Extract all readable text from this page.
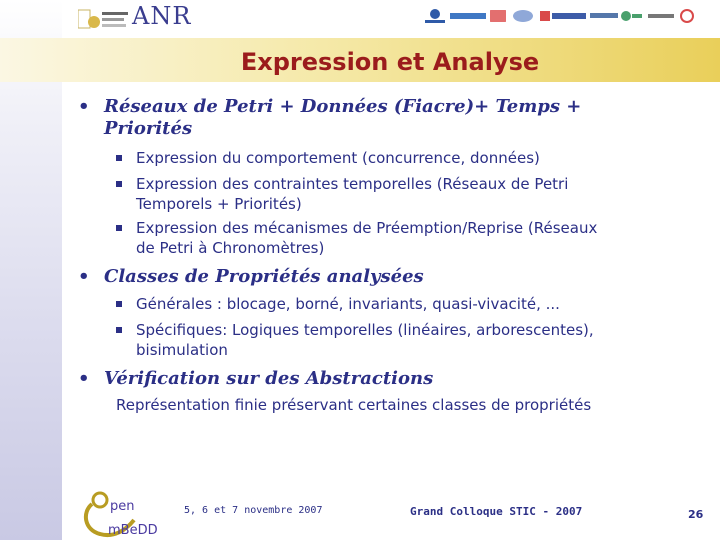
ANR
Expression et Analyse
• Réseaux de Petri + Données (Fiacre)+ Temps +
Priorités
Expression du comportement (concurrence, données)
Expression des contraintes temporelles (Réseaux de Petri
Temporels + Priorités)
Expression des mécanismes de Préemption/Reprise (Réseaux
de Petri à Chronomètres)
• Classes de Propriétés analysées
Générales : blocage, borné, invariants, quasi-vivacité, ...
Spécifiques: Logiques temporelles (linéaires, arborescentes),
bisimulation
• Vérification sur des Abstractions
Représentation finie préservant certaines classes de propriétés
pen
mBeDD
5, 6 et 7 novembre 2007	Grand Colloque STIC - 2007	26
